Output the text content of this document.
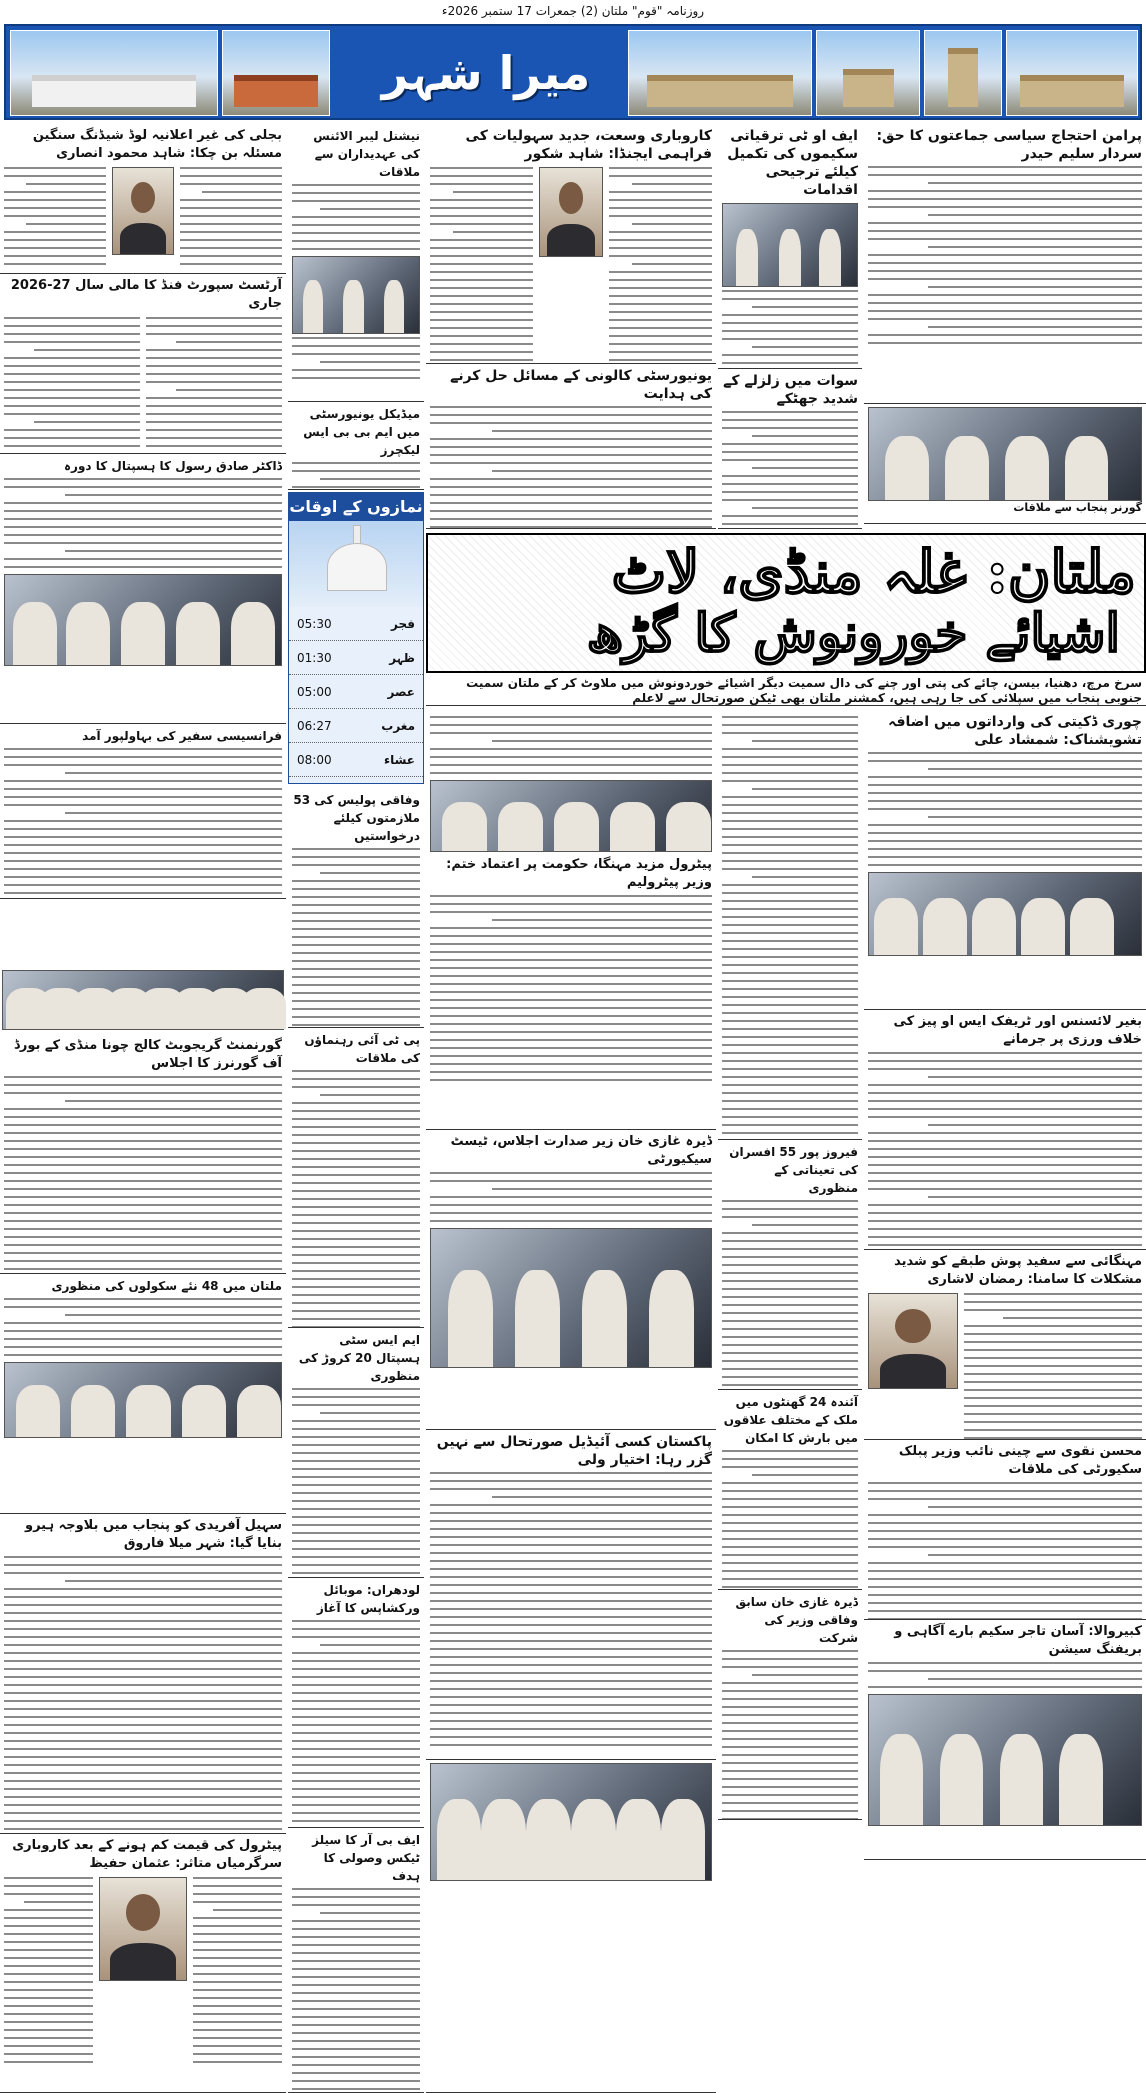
روزنامہ "قوم" ملتان (2) جمعرات 17 ستمبر 2026ء
میرا شہر
پرامن احتجاج سیاسی جماعتوں کا حق: سردار سلیم حیدر
گورنر پنجاب سے ملاقات
ایف او ٹی ترقیاتی سکیموں کی تکمیل کیلئے ترجیحی اقدامات
سوات میں زلزلے کے شدید جھٹکے
کاروباری وسعت، جدید سہولیات کی فراہمی ایجنڈا: شاہد شکور
یونیورسٹی کالونی کے مسائل حل کرنے کی ہدایت
نیشنل لیبر الائنس کی عہدیداران سے ملاقات
میڈیکل یونیورسٹی میں ایم بی بی ایس لیکچرز
نمازوں کے اوقات
05:30	فجر
01:30	ظہر
05:00	عصر
06:27	مغرب
08:00	عشاء
بجلی کی غیر اعلانیہ لوڈ شیڈنگ سنگین مسئلہ بن چکا: شاہد محمود انصاری
آرٹسٹ سپورٹ فنڈ کا مالی سال 27-2026 جاری
ڈاکٹر صادق رسول کا ہسپتال کا دورہ
فرانسیسی سفیر کی بہاولپور آمد
ملتان: غلہ منڈی، لاٹ
اشیائے خورونوش کا گڑھ
سرخ مرچ، دھنیا، بیسن، چائے کی پتی اور چنے کی دال سمیت دیگر اشیائے خوردونوش میں ملاوٹ کر کے ملتان سمیت جنوبی پنجاب میں سپلائی کی جا رہی ہیں، کمشنر ملتان بھی ٹیکن صورتحال سے لاعلم
چوری ڈکیتی کی وارداتوں میں اضافہ تشویشناک: شمشاد علی
بغیر لائسنس اور ٹریفک ایس او پیز کی خلاف ورزی پر جرمانے
مہنگائی سے سفید پوش طبقے کو شدید مشکلات کا سامنا: رمضان لاشاری
محسن نقوی سے چینی نائب وزیر پبلک سکیورٹی کی ملاقات
کبیروالا: آسان تاجر سکیم بارے آگاہی و بریفنگ سیشن
فیروز پور 55 افسران کی تعیناتی کے منظوری
آئندہ 24 گھنٹوں میں ملک کے مختلف علاقوں میں بارش کا امکان
ڈیرہ غازی خان سابق وفاقی وزیر کی شرکت
پیٹرول مزید مہنگا، حکومت پر اعتماد ختم: وزیر پیٹرولیم
ڈیرہ غازی خان زیر صدارت اجلاس، ٹیسٹ سیکیورٹی
پاکستان کسی آئیڈیل صورتحال سے نہیں گزر رہا: اختیار ولی
وفاقی پولیس کی 53 ملازمتوں کیلئے درخواستیں
پی ٹی آئی رہنماؤں کی ملاقات
ایم ایس سٹی ہسپتال 20 کروڑ کی منظوری
لودھراں: موبائل ورکشاپس کا آغاز
ایف بی آر کا سیلز ٹیکس وصولی کا ہدف
گورنمنٹ گریجویٹ کالج چونا منڈی کے بورڈ آف گورنرز کا اجلاس
ملتان میں 48 نئے سکولوں کی منظوری
سہیل آفریدی کو پنجاب میں بلاوجہ ہیرو بنایا گیا: شہر میلا فاروق
پیٹرول کی قیمت کم ہونے کے بعد کاروباری سرگرمیاں متاثر: عثمان حفیظ
